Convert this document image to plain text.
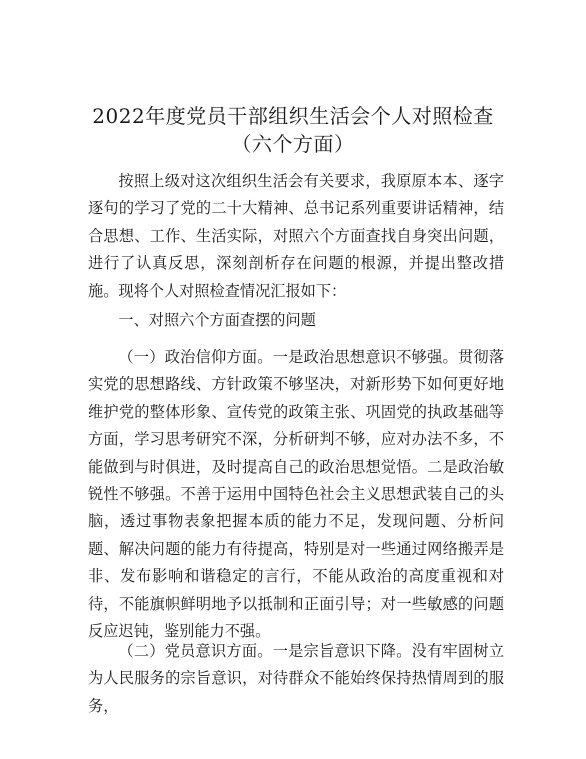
2022年度党员干部组织生活会个人对照检查
（六个方面）

按照上级对这次组织生活会有关要求，我原原本本、逐字逐句的学习了党的二十大精神、总书记系列重要讲话精神，结合思想、工作、生活实际，对照六个方面查找自身突出问题，进行了认真反思，深刻剖析存在问题的根源，并提出整改措施。现将个人对照检查情况汇报如下：

一、对照六个方面查摆的问题

（一）政治信仰方面。一是政治思想意识不够强。贯彻落实党的思想路线、方针政策不够坚决，对新形势下如何更好地维护党的整体形象、宣传党的政策主张、巩固党的执政基础等方面，学习思考研究不深，分析研判不够，应对办法不多，不能做到与时俱进，及时提高自己的政治思想觉悟。二是政治敏锐性不够强。不善于运用中国特色社会主义思想武装自己的头脑，透过事物表象把握本质的能力不足，发现问题、分析问题、解决问题的能力有待提高，特别是对一些通过网络搬弄是非、发布影响和谐稳定的言行，不能从政治的高度重视和对待，不能旗帜鲜明地予以抵制和正面引导；对一些敏感的问题反应迟钝，鉴别能力不强。

（二）党员意识方面。一是宗旨意识下降。没有牢固树立为人民服务的宗旨意识，对待群众不能始终保持热情周到的服务，
